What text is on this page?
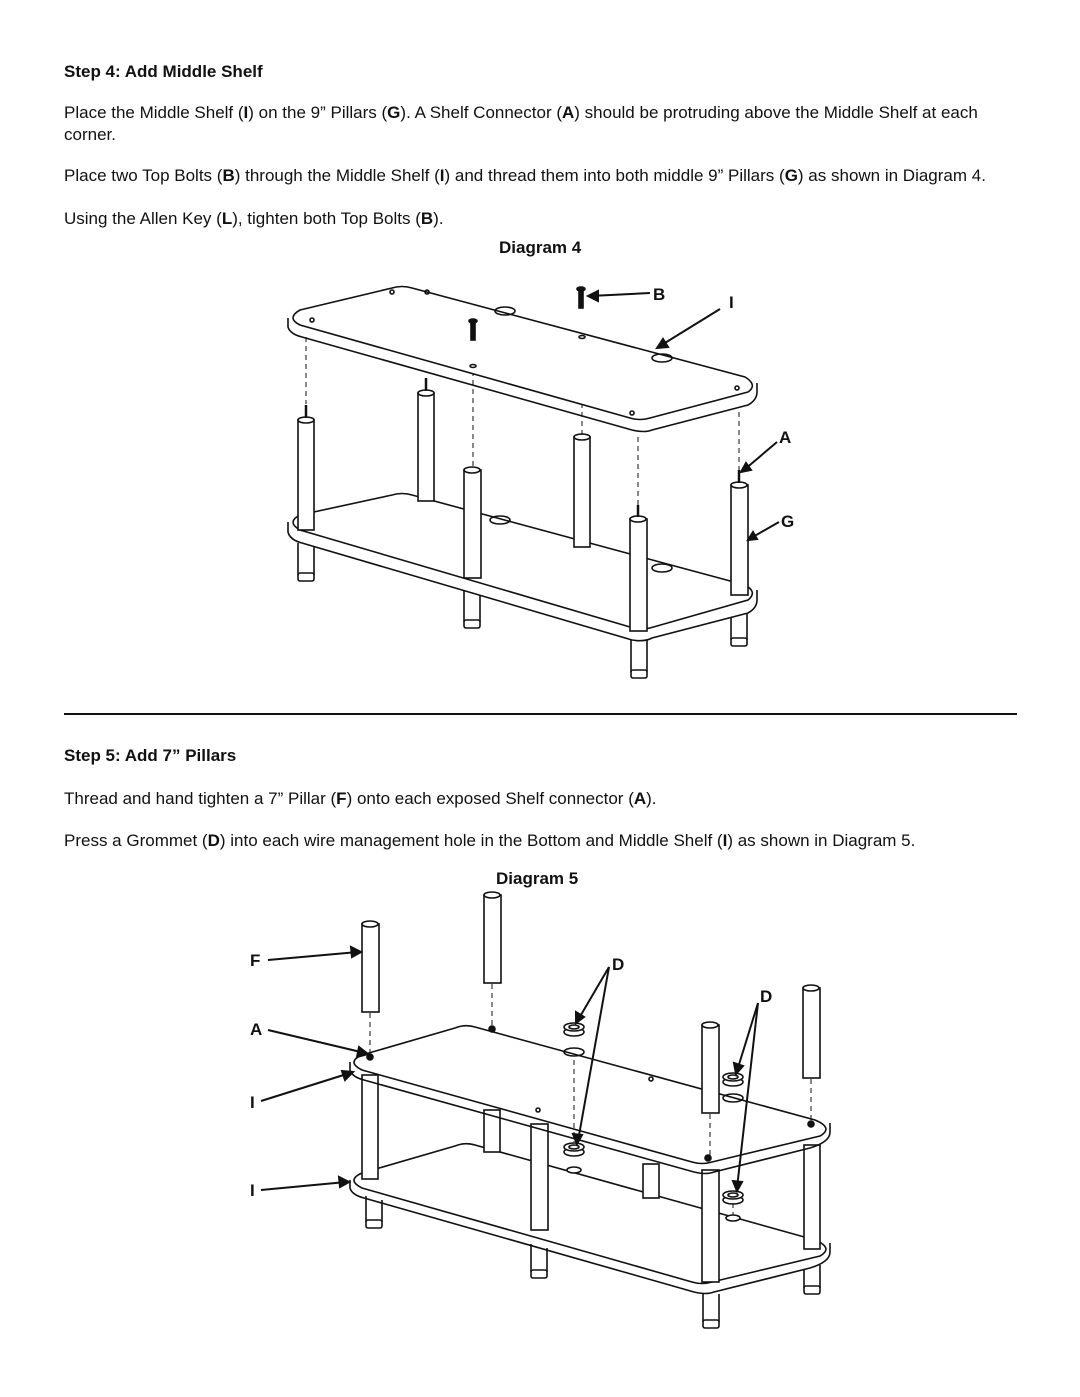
Step 4: Add Middle Shelf
Place the Middle Shelf (I) on the 9” Pillars (G). A Shelf Connector (A) should be protruding above the Middle Shelf at each corner.
Place two Top Bolts (B) through the Middle Shelf (I) and thread them into both middle 9” Pillars (G) as shown in Diagram 4.
Using the Allen Key (L), tighten both Top Bolts (B).
Diagram 4
B	I
A
G
Step 5: Add 7” Pillars
Thread and hand tighten a 7” Pillar (F) onto each exposed Shelf connector (A).
Press a Grommet (D) into each wire management hole in the Bottom and Middle Shelf (I) as shown in Diagram 5.
Diagram 5
F
A
I
I
D
D
